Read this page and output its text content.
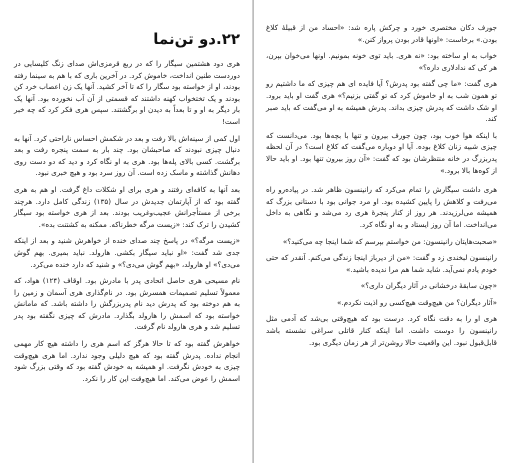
۲۲.دو تن‌نما

هری دود هشتمین سیگار را که در ربع قرمزی‌اش صدای زنگ کلیسایی در دوردست طنین انداخت، خاموش کرد. در آخرین باری که با هم به سینما رفته بودند، او از خواسته بود سگار را که تا آخر کشید. آنها یک زن اعصاب خرد کن بودند و یک تختخواب کهنه داشتند که قسمتی از آن آب نخورده بود. آنها یک بار دیگر به او و تا بعداً به دیدن او برگشتند. سپس هری فکر کرد که چه خبر است!

اول کمی از سینه‌اش بالا رفت و بعد در شکمش احساس ناراحتی کرد. آنها به دنبال چیزی نبودند که صاحبشان بود. چند بار به سمت پنجره رفت و بعد برگشت. کسی بالای پله‌ها بود. هری به او نگاه کرد و دید که دو دست روی دهانش گذاشته و ماسک زده است. آن روز سرد بود و هیچ خبری نبود.

بعد آنها به کافه‌ای رفتند و هری برای او شکلات داغ گرفت. او هم به هری گفته بود که از آپارتمان جدیدش در سال (۱۳۵) زندگی کامل دارد. هرچند برخی از مستأجرانش عجیب‌وغریب بودند. بعد از هری خواسته بود سیگار کشیدن را ترک کند: «زیست مرگه خطرناکه. ممکنه به کشتنت بده».

«زیست مرگه؟» در پاسخ چند صدای خنده از خواهرش شنید و بعد از اینکه جدی شد گفت: «او نباید سیگار بکشی. هارولد. نباید بمیری. بهم گوش می‌دی؟» او هارولد، «بهم گوش می‌دی؟» و شنید که دارد خنده می‌کرد.

نام مسیحی هری حاصل اتحادی پدر با مادرش بود. اوقاف (۱۲۴) هواد، که معمولاً تسلیم تصمیمات همسرش بود. در نام‌گذاری هری آسمان و زمین را به هم دوخته بود که پدرش دید نام پدربزرگش را داشته باشد. که مامانش خواسته بود که اسمش را هارولد بگذارد. مادرش که چیزی نگفته بود پدر تسلیم شد و هری هارولد نام گرفت.

خواهرش گفته بود که تا حالا هرگز که اسم هری را داشته هیچ کار مهمی انجام نداده. پدرش گفته بود که هیچ دلیلی وجود ندارد. اما هری هیچ‌وقت چیزی به خودش نگرفت. او همیشه به خودش گفته بود که وقتی بزرگ شود اسمش را عوض می‌کند. اما هیچ‌وقت این کار را نکرد.

جورف دکان مختصری خورد و چرکش پاره شد: «احساد من از قبیلهٔ کلاغ بودن.» برخاست: «اونها قادر بودن پرواز کنن.»

خواب به او ساخته بود: «نه هری. باید توی خونه بمونیم. اونها می‌خوان بپرن، هر کی که ندادلاری داره؟»

هری گفت: «ما چی گفته بود پدرش؟ آیا فایده ای هم چیزی که ما داشتیم رو تو همون شب به او خاموش کرد که تو گفتی بزنیم؟» هری گفت او باید برود. او شک داشت که پدرش چیزی بداند. پدرش همیشه به او می‌گفت که باید صبر کند.

با اینکه هوا خوب بود، چون جورف بیرون و تنها با بچه‌ها بود. می‌دانست که چیزی شبیه زنان کلاغ بوده. آیا او دوباره می‌گفت که کلاغ است؟ در آن لحظه پدربزرگ در خانه منتظرشان بود که گفت: «آن روز بیرون تنها بود. او باید حالا از کوه‌ها بالا برود.»

هری داشت سیگارش را تمام می‌کرد که رانینسون ظاهر شد. در پیاده‌رو راه می‌رفت و کلاهش را پایین کشیده بود. او مرد جوانی بود با دستانی بزرگ که همیشه می‌لرزیدند. هر روز از کنار پنجرهٔ هری رد می‌شد و نگاهی به داخل می‌انداخت. اما آن روز ایستاد و به او نگاه کرد.

«صحبت‌هایتان رانینسون: من خواستم بپرسم که شما اینجا چه می‌کنید؟»

رانینسون لبخندی زد و گفت: «من از دیرباز اینجا زندگی می‌کنم. آنقدر که حتی خودم یادم نمی‌آید. شاید شما هم مرا ندیده باشید.»

«چون سابقهٔ درخشانی در آثار دیگران داری؟»

«آثار دیگران؟ من هیچ‌وقت هیچ‌کسی رو اذیت نکردم.»

هری او را به دقت نگاه کرد. درست بود که هیچ‌وقتی بی‌شد که آدمی مثل رانینسون را دوست داشت. اما اینکه کنار قاتلی سراغی نشسته باشد قابل‌قبول نبود. این واقعیت حالا روشن‌تر از هر زمان دیگری بود.
